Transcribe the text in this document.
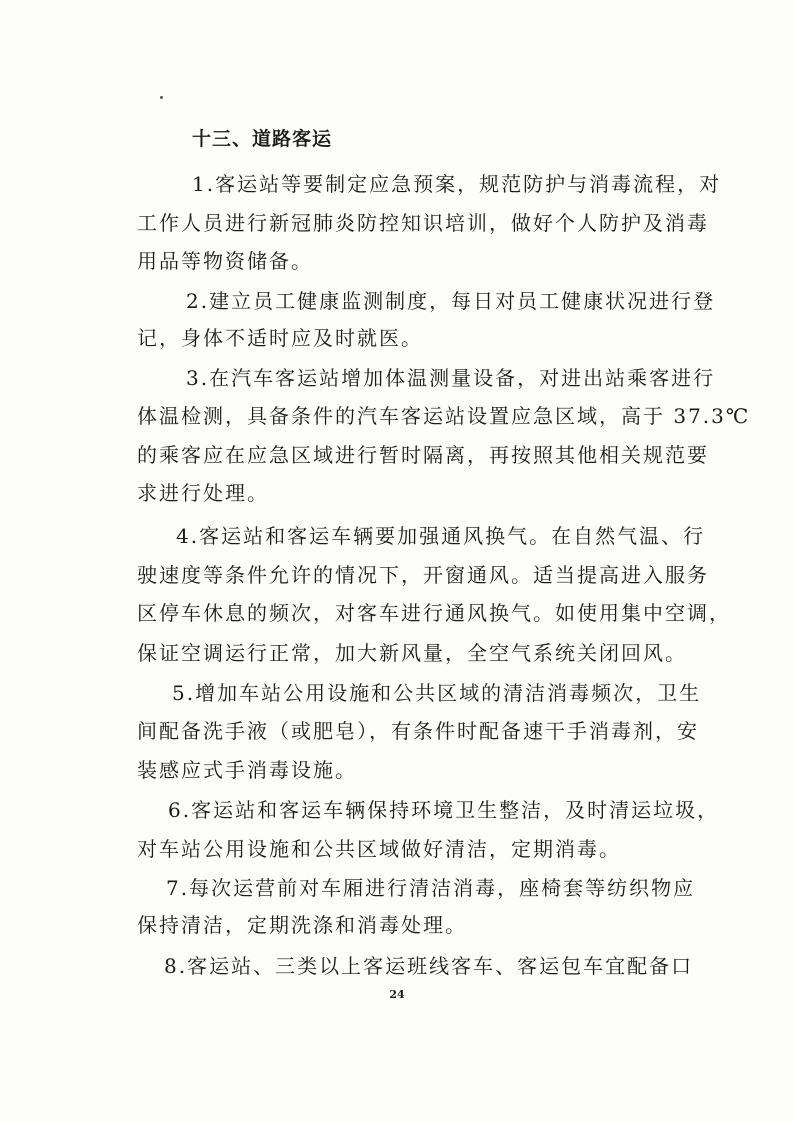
十三、道路客运
1.客运站等要制定应急预案，规范防护与消毒流程，对
工作人员进行新冠肺炎防控知识培训，做好个人防护及消毒
用品等物资储备。
2.建立员工健康监测制度，每日对员工健康状况进行登
记，身体不适时应及时就医。
3.在汽车客运站增加体温测量设备，对进出站乘客进行
体温检测，具备条件的汽车客运站设置应急区域，高于 37.3℃
的乘客应在应急区域进行暂时隔离，再按照其他相关规范要
求进行处理。
4.客运站和客运车辆要加强通风换气。在自然气温、行
驶速度等条件允许的情况下，开窗通风。适当提高进入服务
区停车休息的频次，对客车进行通风换气。如使用集中空调，
保证空调运行正常，加大新风量，全空气系统关闭回风。
5.增加车站公用设施和公共区域的清洁消毒频次，卫生
间配备洗手液（或肥皂），有条件时配备速干手消毒剂，安
装感应式手消毒设施。
6.客运站和客运车辆保持环境卫生整洁，及时清运垃圾，
对车站公用设施和公共区域做好清洁，定期消毒。
7.每次运营前对车厢进行清洁消毒，座椅套等纺织物应
保持清洁，定期洗涤和消毒处理。
8.客运站、三类以上客运班线客车、客运包车宜配备口
24
